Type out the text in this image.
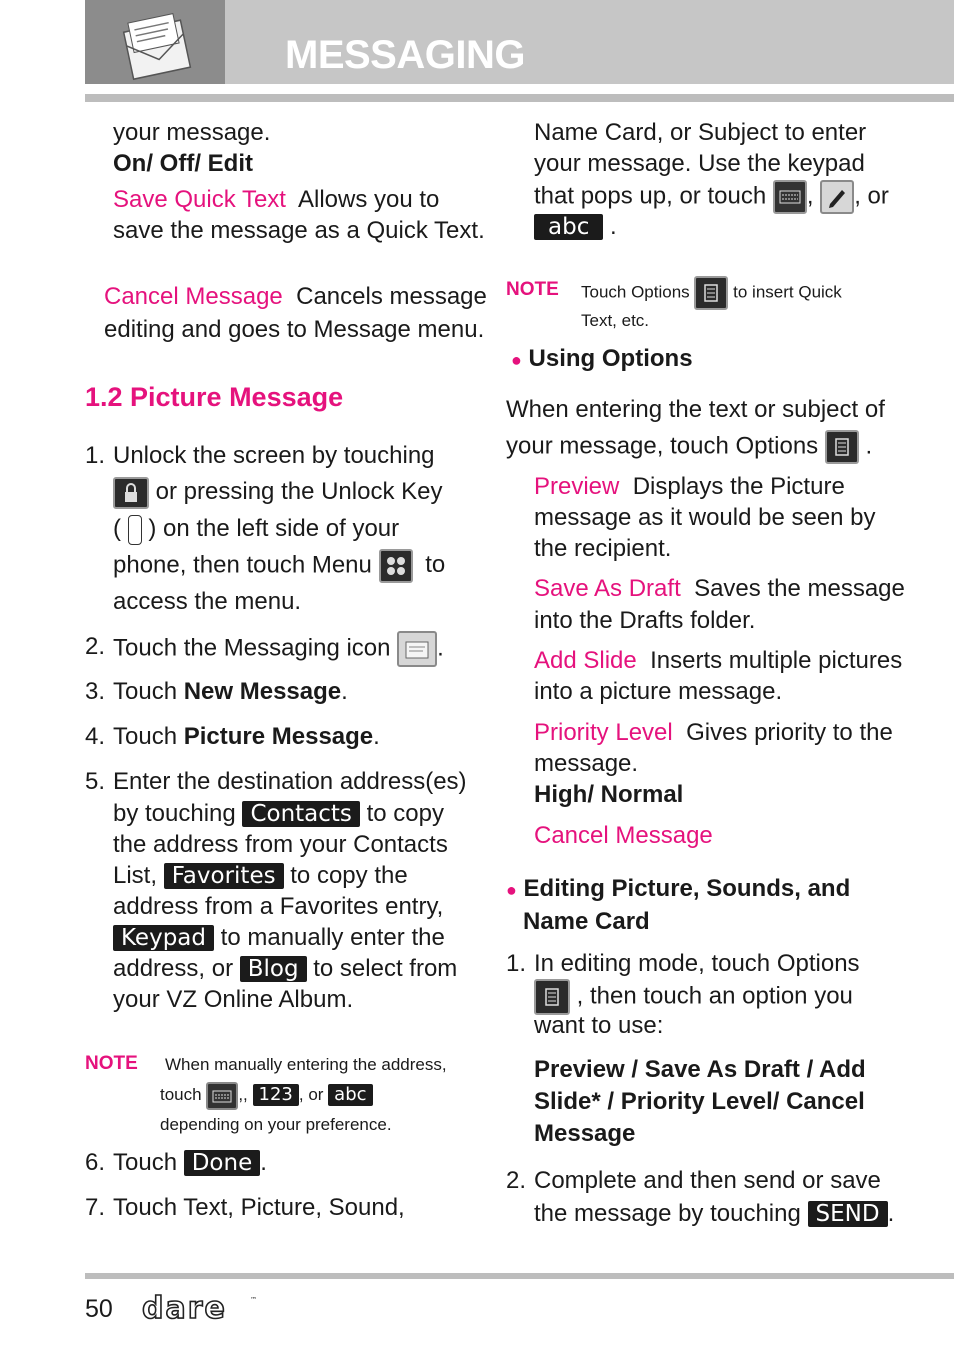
MESSAGING
your message.
On/ Off/ Edit
Save Quick Text Allows you to
save the message as a Quick Text.
Cancel Message Cancels message
editing and goes to Message menu.
1.2 Picture Message
1. Unlock the screen by touching
or pressing the Unlock Key
( ) on the left side of your
phone, then touch Menu to
access the menu.
2. Touch the Messaging icon .
3. Touch New Message.
4. Touch Picture Message.
5. Enter the destination address(es)
by touching Contacts to copy
the address from your Contacts
List, Favorites to copy the
address from a Favorites entry,
Keypad to manually enter the
address, or Blog to select from
your VZ Online Album.
NOTE When manually entering the address,
touch ,, 123 , or abc
depending on your preference.
6. Touch Done .
7. Touch Text, Picture, Sound,
Name Card, or Subject to enter
your message. Use the keypad
that pops up, or touch , , or
abc .
NOTE Touch Options	to insert Quick
Text, etc.
● Using Options
When entering the text or subject of
your message, touch Options .
Preview Displays the Picture
message as it would be seen by
the recipient.
Save As Draft Saves the message
into the Drafts folder.
Add Slide Inserts multiple pictures
into a picture message.
Priority Level Gives priority to the
message.
High/ Normal
Cancel Message
● Editing Picture, Sounds, and
Name Card
1. In editing mode, touch Options
, then touch an option you
want to use:
Preview / Save As Draft / Add
Slide* / Priority Level/ Cancel
Message
2. Complete and then send or save
the message by touching SEND .
50 dare	™
